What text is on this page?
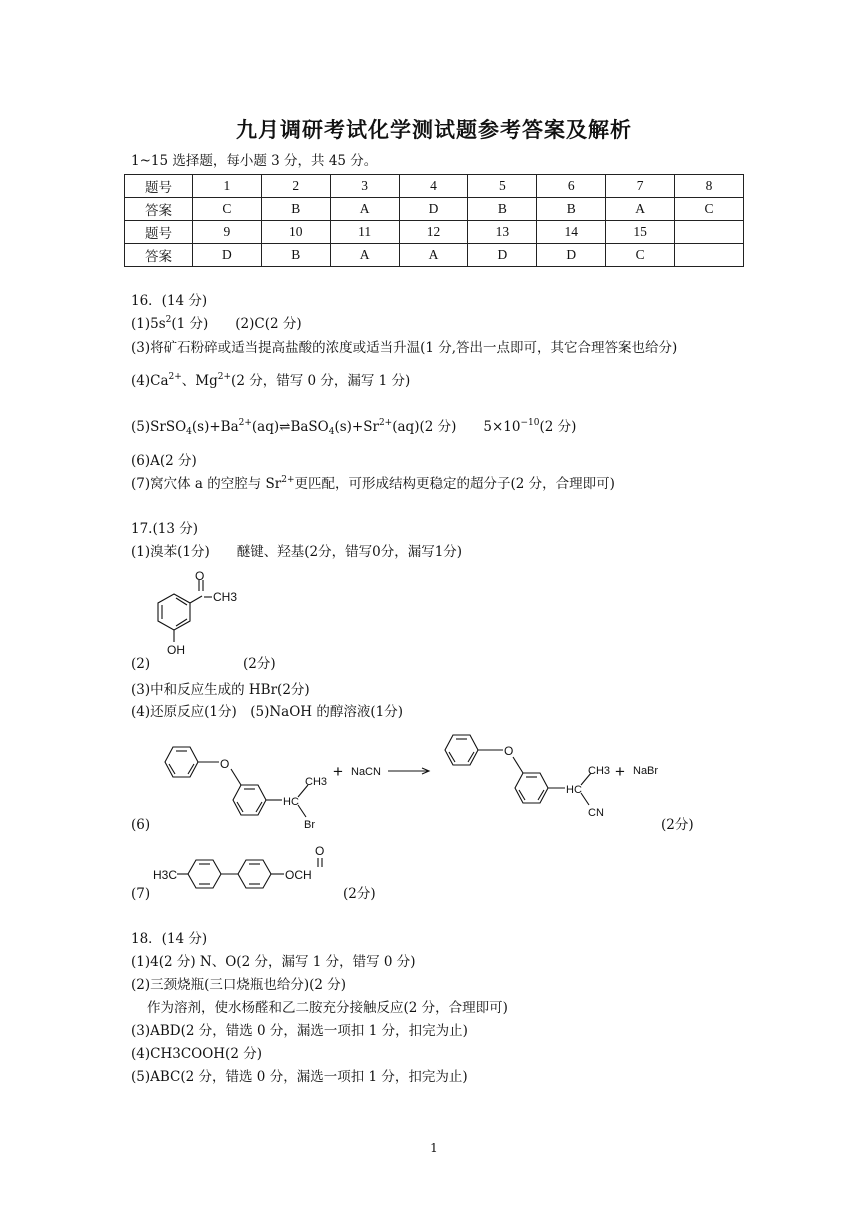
九月调研考试化学测试题参考答案及解析
1~15 选择题，每小题 3 分，共 45 分。
题号	1	2	3	4	5	6	7	8
答案	C	B	A	D	B	B	A	C
题号	9	10	11	12	13	14	15	
答案	D	B	A	A	D	D	C	
16．(14 分)
$(1)5s^2(1$ 分)　　(2)C(2 分)
(3)将矿石粉碎或适当提高盐酸的浓度或适当升温(1 分,答出一点即可，其它合理答案也给分)
$(4)Ca^{2+}$、$Mg^{2+}(2$ 分，错写 0 分，漏写 1 分)
$(5)SrSO_4(s)+Ba^{2+}(aq)\rightleftharpoons BaSO_4(s)+Sr^{2+}(aq)(2$ 分)　　$5\times 10^{-10}(2$ 分)
(6)A(2 分)
(7)窝穴体 a 的空腔与 $Sr^{2+}$更匹配，可形成结构更稳定的超分子(2 分，合理即可)
17.(13 分)
(1)溴苯(1分)　　醚键、羟基(2分，错写0分，漏写1分)
O
CH3
OH
(2)	(2分)
(3)中和反应生成的 HBr(2分)
(4)还原反应(1分)　(5)NaOH 的醇溶液(1分)
O
CH3
HC
Br
+ NaCN
O
CH3
HC
CN
+ NaBr
(6)	(2分)
H3C
O
OCH
(7)	(2分)
18．(14 分)
(1)4(2 分) N、O(2 分，漏写 1 分，错写 0 分)
(2)三颈烧瓶(三口烧瓶也给分)(2 分)
作为溶剂，使水杨醛和乙二胺充分接触反应(2 分，合理即可)
(3)ABD(2 分，错选 0 分，漏选一项扣 1 分，扣完为止)
(4)CH3COOH(2 分)
(5)ABC(2 分，错选 0 分，漏选一项扣 1 分，扣完为止)
1
